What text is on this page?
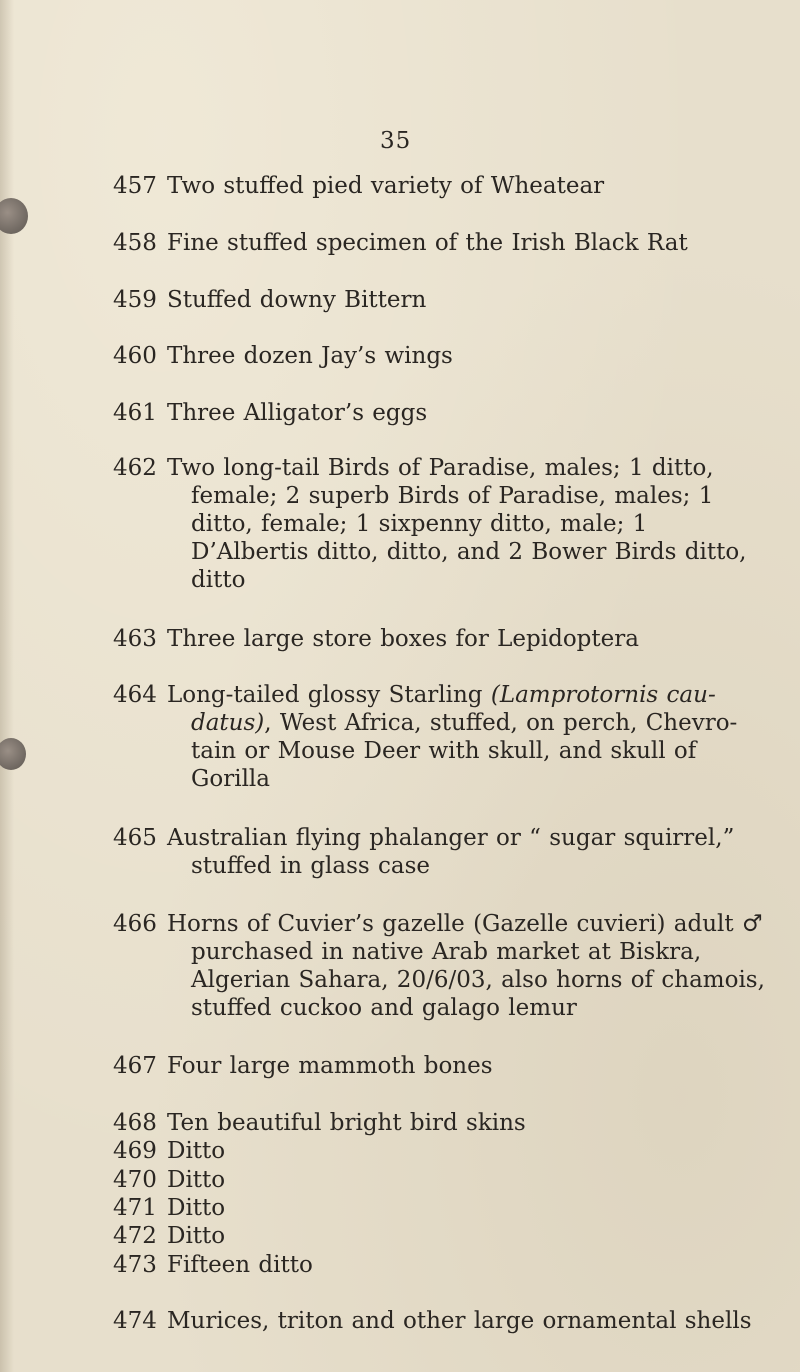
35
457 Two stuffed pied variety of Wheatear
458 Fine stuffed specimen of the Irish Black Rat
459 Stuffed downy Bittern
460 Three dozen Jay’s wings
461 Three Alligator’s eggs
462 Two long-tail Birds of Paradise, males; 1 ditto,
female; 2 superb Birds of Paradise, males; 1
ditto, female; 1 sixpenny ditto, male; 1
D’Albertis ditto, ditto, and 2 Bower Birds ditto,
ditto
463 Three large store boxes for Lepidoptera
464 Long-tailed glossy Starling (Lamprotornis cau-
datus), West Africa, stuffed, on perch, Chevro-
tain or Mouse Deer with skull, and skull of
Gorilla
465 Australian flying phalanger or “ sugar squirrel,”
stuffed in glass case
466 Horns of Cuvier’s gazelle (Gazelle cuvieri) adult ♂
purchased in native Arab market at Biskra,
Algerian Sahara, 20/6/03, also horns of chamois,
stuffed cuckoo and galago lemur
467 Four large mammoth bones
468 Ten beautiful bright bird skins
469 Ditto
470 Ditto
471 Ditto
472 Ditto
473 Fifteen ditto
474 Murices, triton and other large ornamental shells
